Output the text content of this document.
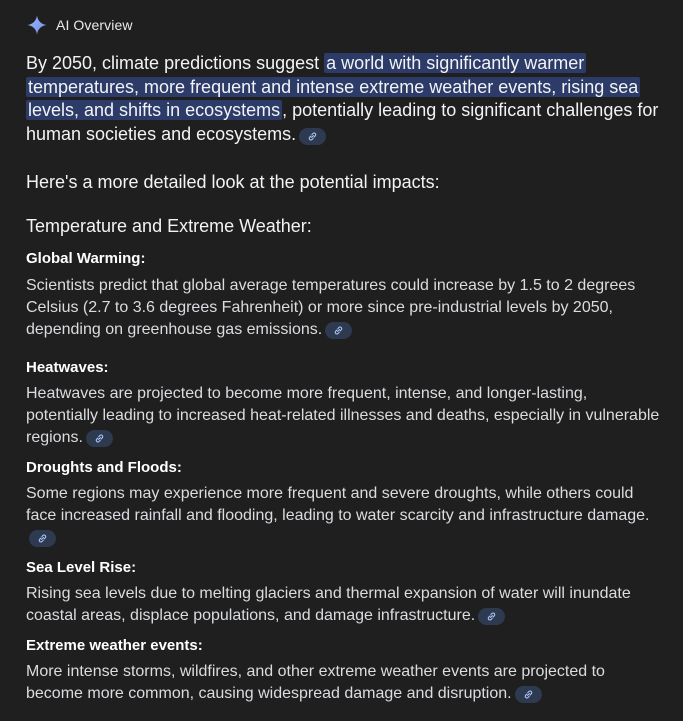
AI Overview
By 2050, climate predictions suggest a world with significantly warmer temperatures, more frequent and intense extreme weather events, rising sea levels, and shifts in ecosystems , potentially leading to significant challenges for human societies and ecosystems.
Here's a more detailed look at the potential impacts:
Temperature and Extreme Weather:
Global Warming:
Scientists predict that global average temperatures could increase by 1.5 to 2 degrees Celsius (2.7 to 3.6 degrees Fahrenheit) or more since pre-industrial levels by 2050, depending on greenhouse gas emissions.
Heatwaves:
Heatwaves are projected to become more frequent, intense, and longer-lasting, potentially leading to increased heat-related illnesses and deaths, especially in vulnerable regions.
Droughts and Floods:
Some regions may experience more frequent and severe droughts, while others could face increased rainfall and flooding, leading to water scarcity and infrastructure damage.
Sea Level Rise:
Rising sea levels due to melting glaciers and thermal expansion of water will inundate coastal areas, displace populations, and damage infrastructure.
Extreme weather events:
More intense storms, wildfires, and other extreme weather events are projected to become more common, causing widespread damage and disruption.
